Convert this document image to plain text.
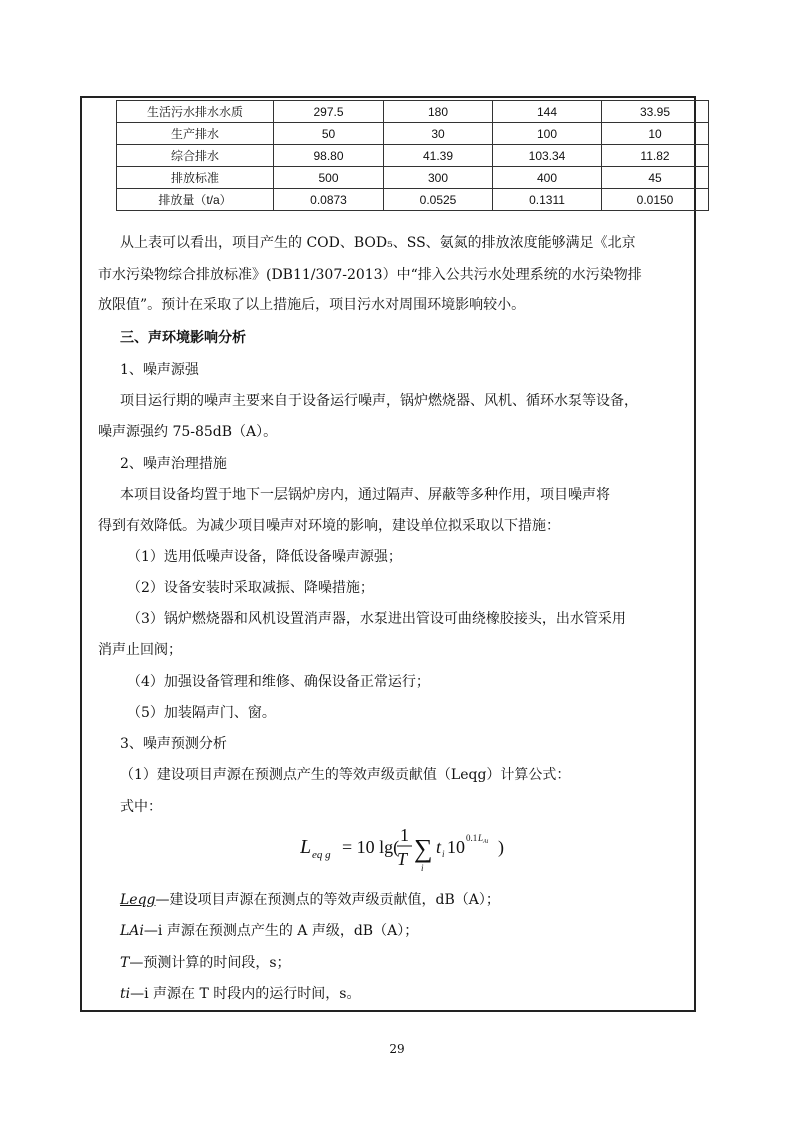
生活污水排水水质	297.5	180	144	33.95
生产排水	50	30	100	10
综合排水	98.80	41.39	103.34	11.82
排放标准	500	300	400	45
排放量（t/a）	0.0873	0.0525	0.1311	0.0150
从上表可以看出，项目产生的 COD、BOD₅、SS、氨氮的排放浓度能够满足《北京
市水污染物综合排放标准》(DB11/307-2013）中“排入公共污水处理系统的水污染物排
放限值”。预计在采取了以上措施后，项目污水对周围环境影响较小。
三、声环境影响分析
1、噪声源强
项目运行期的噪声主要来自于设备运行噪声，锅炉燃烧器、风机、循环水泵等设备，
噪声源强约 75-85dB（A）。
2、噪声治理措施
本项目设备均置于地下一层锅炉房内，通过隔声、屏蔽等多种作用，项目噪声将
得到有效降低。为减少项目噪声对环境的影响，建设单位拟采取以下措施：
（1）选用低噪声设备，降低设备噪声源强；
（2）设备安装时采取减振、降噪措施；
（3）锅炉燃烧器和风机设置消声器，水泵进出管设可曲绕橡胶接头，出水管采用
消声止回阀；
（4）加强设备管理和维修、确保设备正常运行；
（5）加装隔声门、窗。
3、噪声预测分析
（1）建设项目声源在预测点产生的等效声级贡献值（Leqg）计算公式：
式中：
L eq g = 10 lg(
1
T ∑
i
t i 10 0.1 L Ai )
Leqg—建设项目声源在预测点的等效声级贡献值，dB（A）；
LAi—i 声源在预测点产生的 A 声级，dB（A）；
T—预测计算的时间段，s；
ti—i 声源在 T 时段内的运行时间，s。
29
